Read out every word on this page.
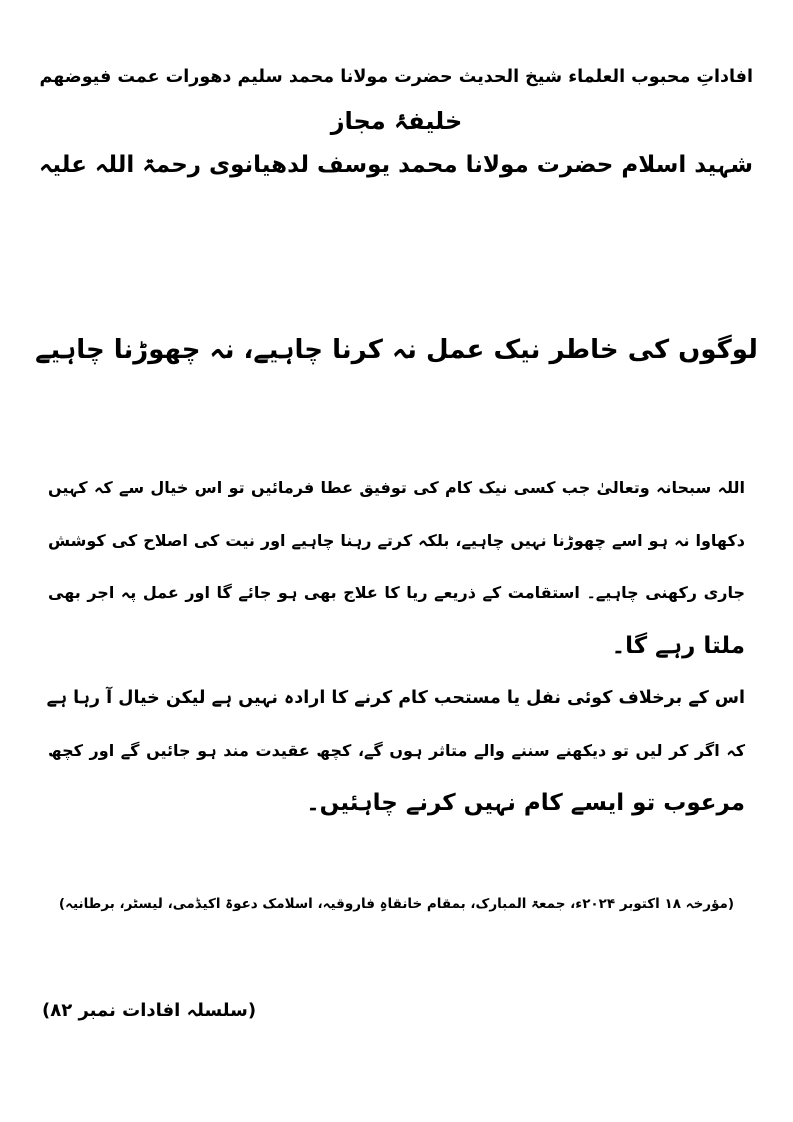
افاداتِ محبوب العلماء شیخ الحدیث حضرت مولانا محمد سلیم دھورات عمت فیوضھم
خلیفۂ مجاز
شہید اسلام حضرت مولانا محمد یوسف لدھیانوی رحمۃ اللہ علیہ
لوگوں کی خاطر نیک عمل نہ کرنا چاہیے، نہ چھوڑنا چاہیے

اللہ سبحانہ وتعالیٰ جب کسی نیک کام کی توفیق عطا فرمائیں تو اس خیال سے کہ کہیں
دکھاوا نہ ہو اسے چھوڑنا نہیں چاہیے، بلکہ کرتے رہنا چاہیے اور نیت کی اصلاح کی کوشش
جاری رکھنی چاہیے۔ استقامت کے ذریعے ریا کا علاج بھی ہو جائے گا اور عمل پہ اجر بھی
ملتا رہے گا۔

اس کے برخلاف کوئی نفل یا مستحب کام کرنے کا ارادہ نہیں ہے لیکن خیال آ رہا ہے
کہ اگر کر لیں تو دیکھنے سننے والے متاثر ہوں گے، کچھ عقیدت مند ہو جائیں گے اور کچھ
مرعوب تو ایسے کام نہیں کرنے چاہئیں۔

(مؤرخہ ۱۸ اکتوبر ۲۰۲۴ء، جمعۃ المبارک، بمقام خانقاہِ فاروقیہ، اسلامک دعوۃ اکیڈمی، لیسٹر، برطانیہ)
(سلسلہ افادات نمبر ۸۲)
